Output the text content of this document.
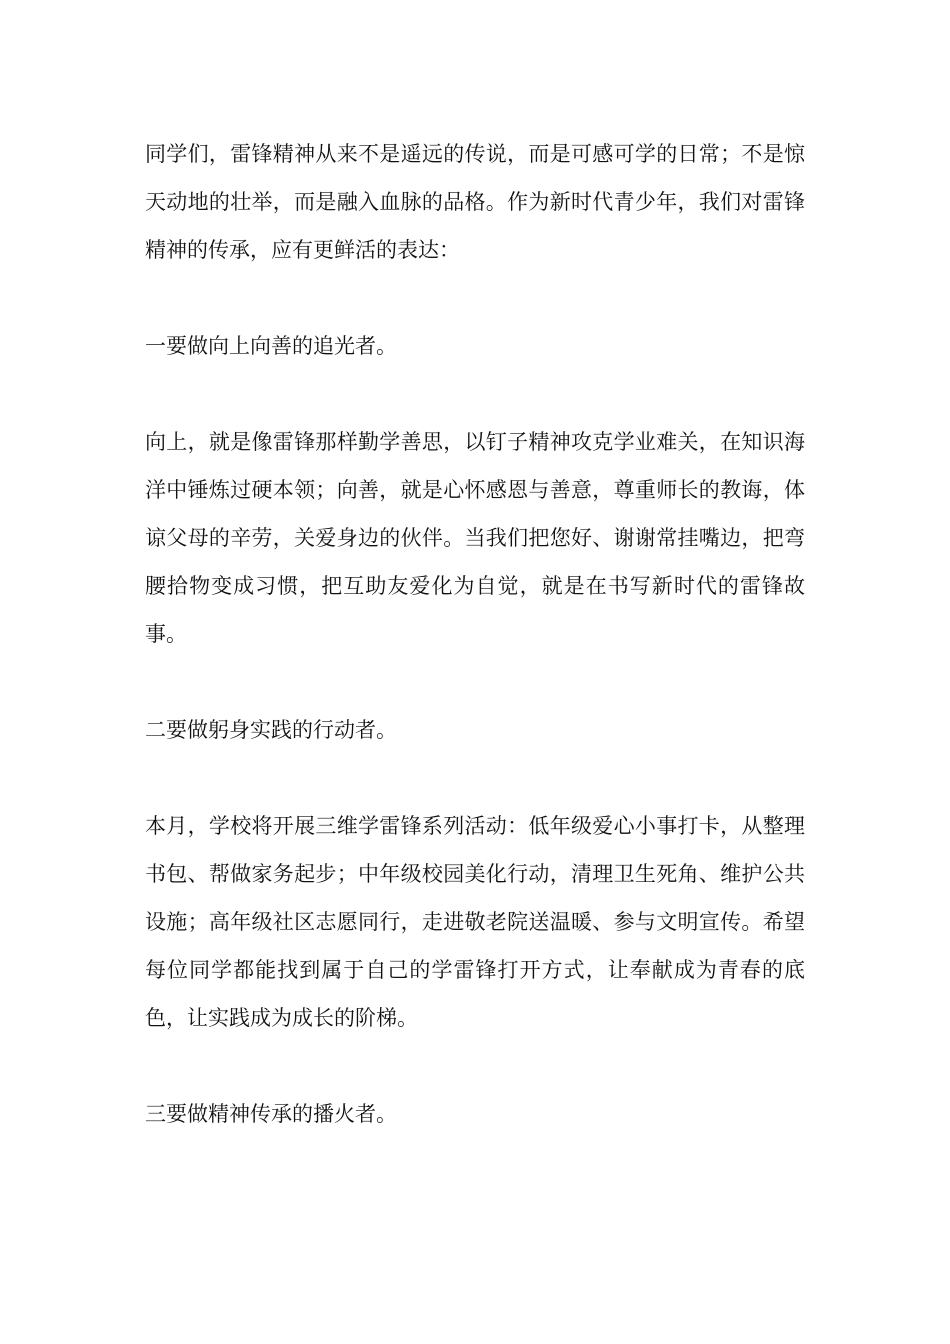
同学们，雷锋精神从来不是遥远的传说，而是可感可学的日常；不是惊天动地的壮举，而是融入血脉的品格。作为新时代青少年，我们对雷锋精神的传承，应有更鲜活的表达：

一要做向上向善的追光者。

向上，就是像雷锋那样勤学善思，以钉子精神攻克学业难关，在知识海洋中锤炼过硬本领；向善，就是心怀感恩与善意，尊重师长的教诲，体谅父母的辛劳，关爱身边的伙伴。当我们把您好、谢谢常挂嘴边，把弯腰拾物变成习惯，把互助友爱化为自觉，就是在书写新时代的雷锋故事。

二要做躬身实践的行动者。

本月，学校将开展三维学雷锋系列活动：低年级爱心小事打卡，从整理书包、帮做家务起步；中年级校园美化行动，清理卫生死角、维护公共设施；高年级社区志愿同行，走进敬老院送温暖、参与文明宣传。希望每位同学都能找到属于自己的学雷锋打开方式，让奉献成为青春的底色，让实践成为成长的阶梯。

三要做精神传承的播火者。
